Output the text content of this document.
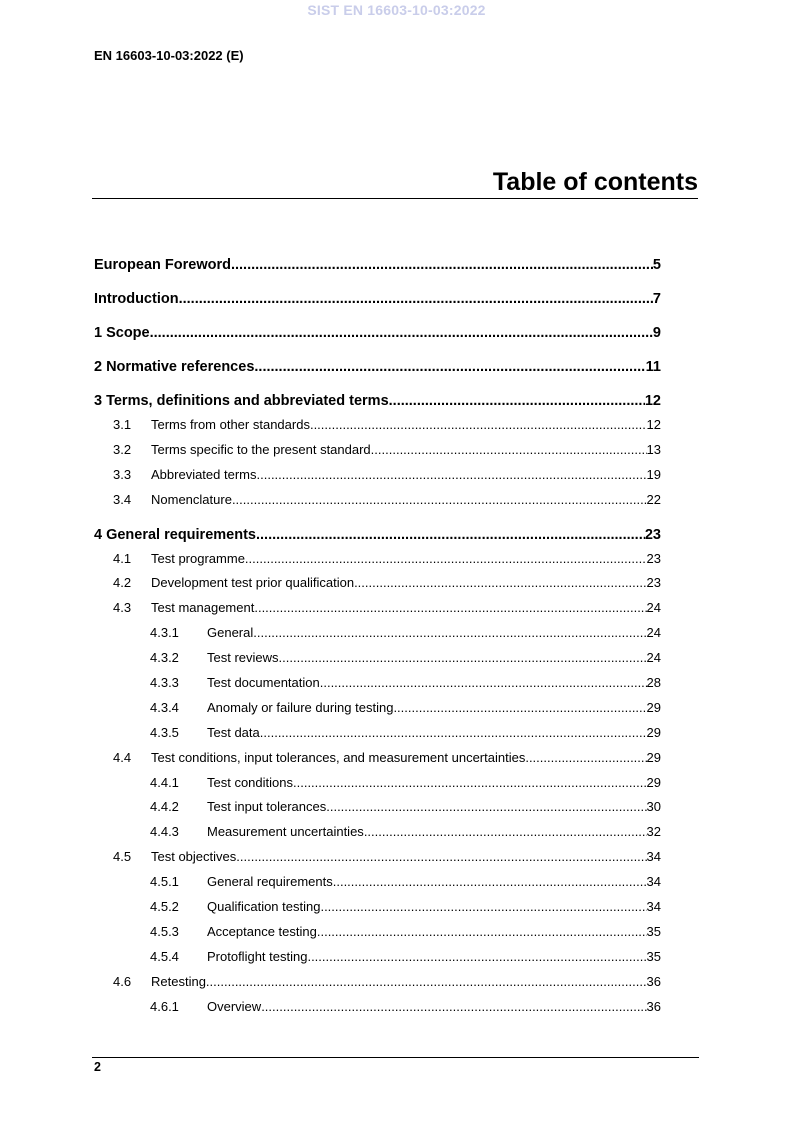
SIST EN 16603-10-03:2022
EN 16603-10-03:2022 (E)
Table of contents
European Foreword .....	5
Introduction .....	7
1 Scope .....	9
2 Normative references .....	11
3 Terms, definitions and abbreviated terms .....	12
3.1	Terms from other standards .....	12
3.2	Terms specific to the present standard .....	13
3.3	Abbreviated terms .....	19
3.4	Nomenclature .....	22
4 General requirements .....	23
4.1	Test programme .....	23
4.2	Development test prior qualification .....	23
4.3	Test management .....	24
4.3.1	General .....	24
4.3.2	Test reviews .....	24
4.3.3	Test documentation .....	28
4.3.4	Anomaly or failure during testing .....	29
4.3.5	Test data .....	29
4.4	Test conditions, input tolerances, and measurement uncertainties .....	29
4.4.1	Test conditions .....	29
4.4.2	Test input tolerances .....	30
4.4.3	Measurement uncertainties .....	32
4.5	Test objectives .....	34
4.5.1	General requirements .....	34
4.5.2	Qualification testing .....	34
4.5.3	Acceptance testing .....	35
4.5.4	Protoflight testing .....	35
4.6	Retesting .....	36
4.6.1	Overview .....	36
2
